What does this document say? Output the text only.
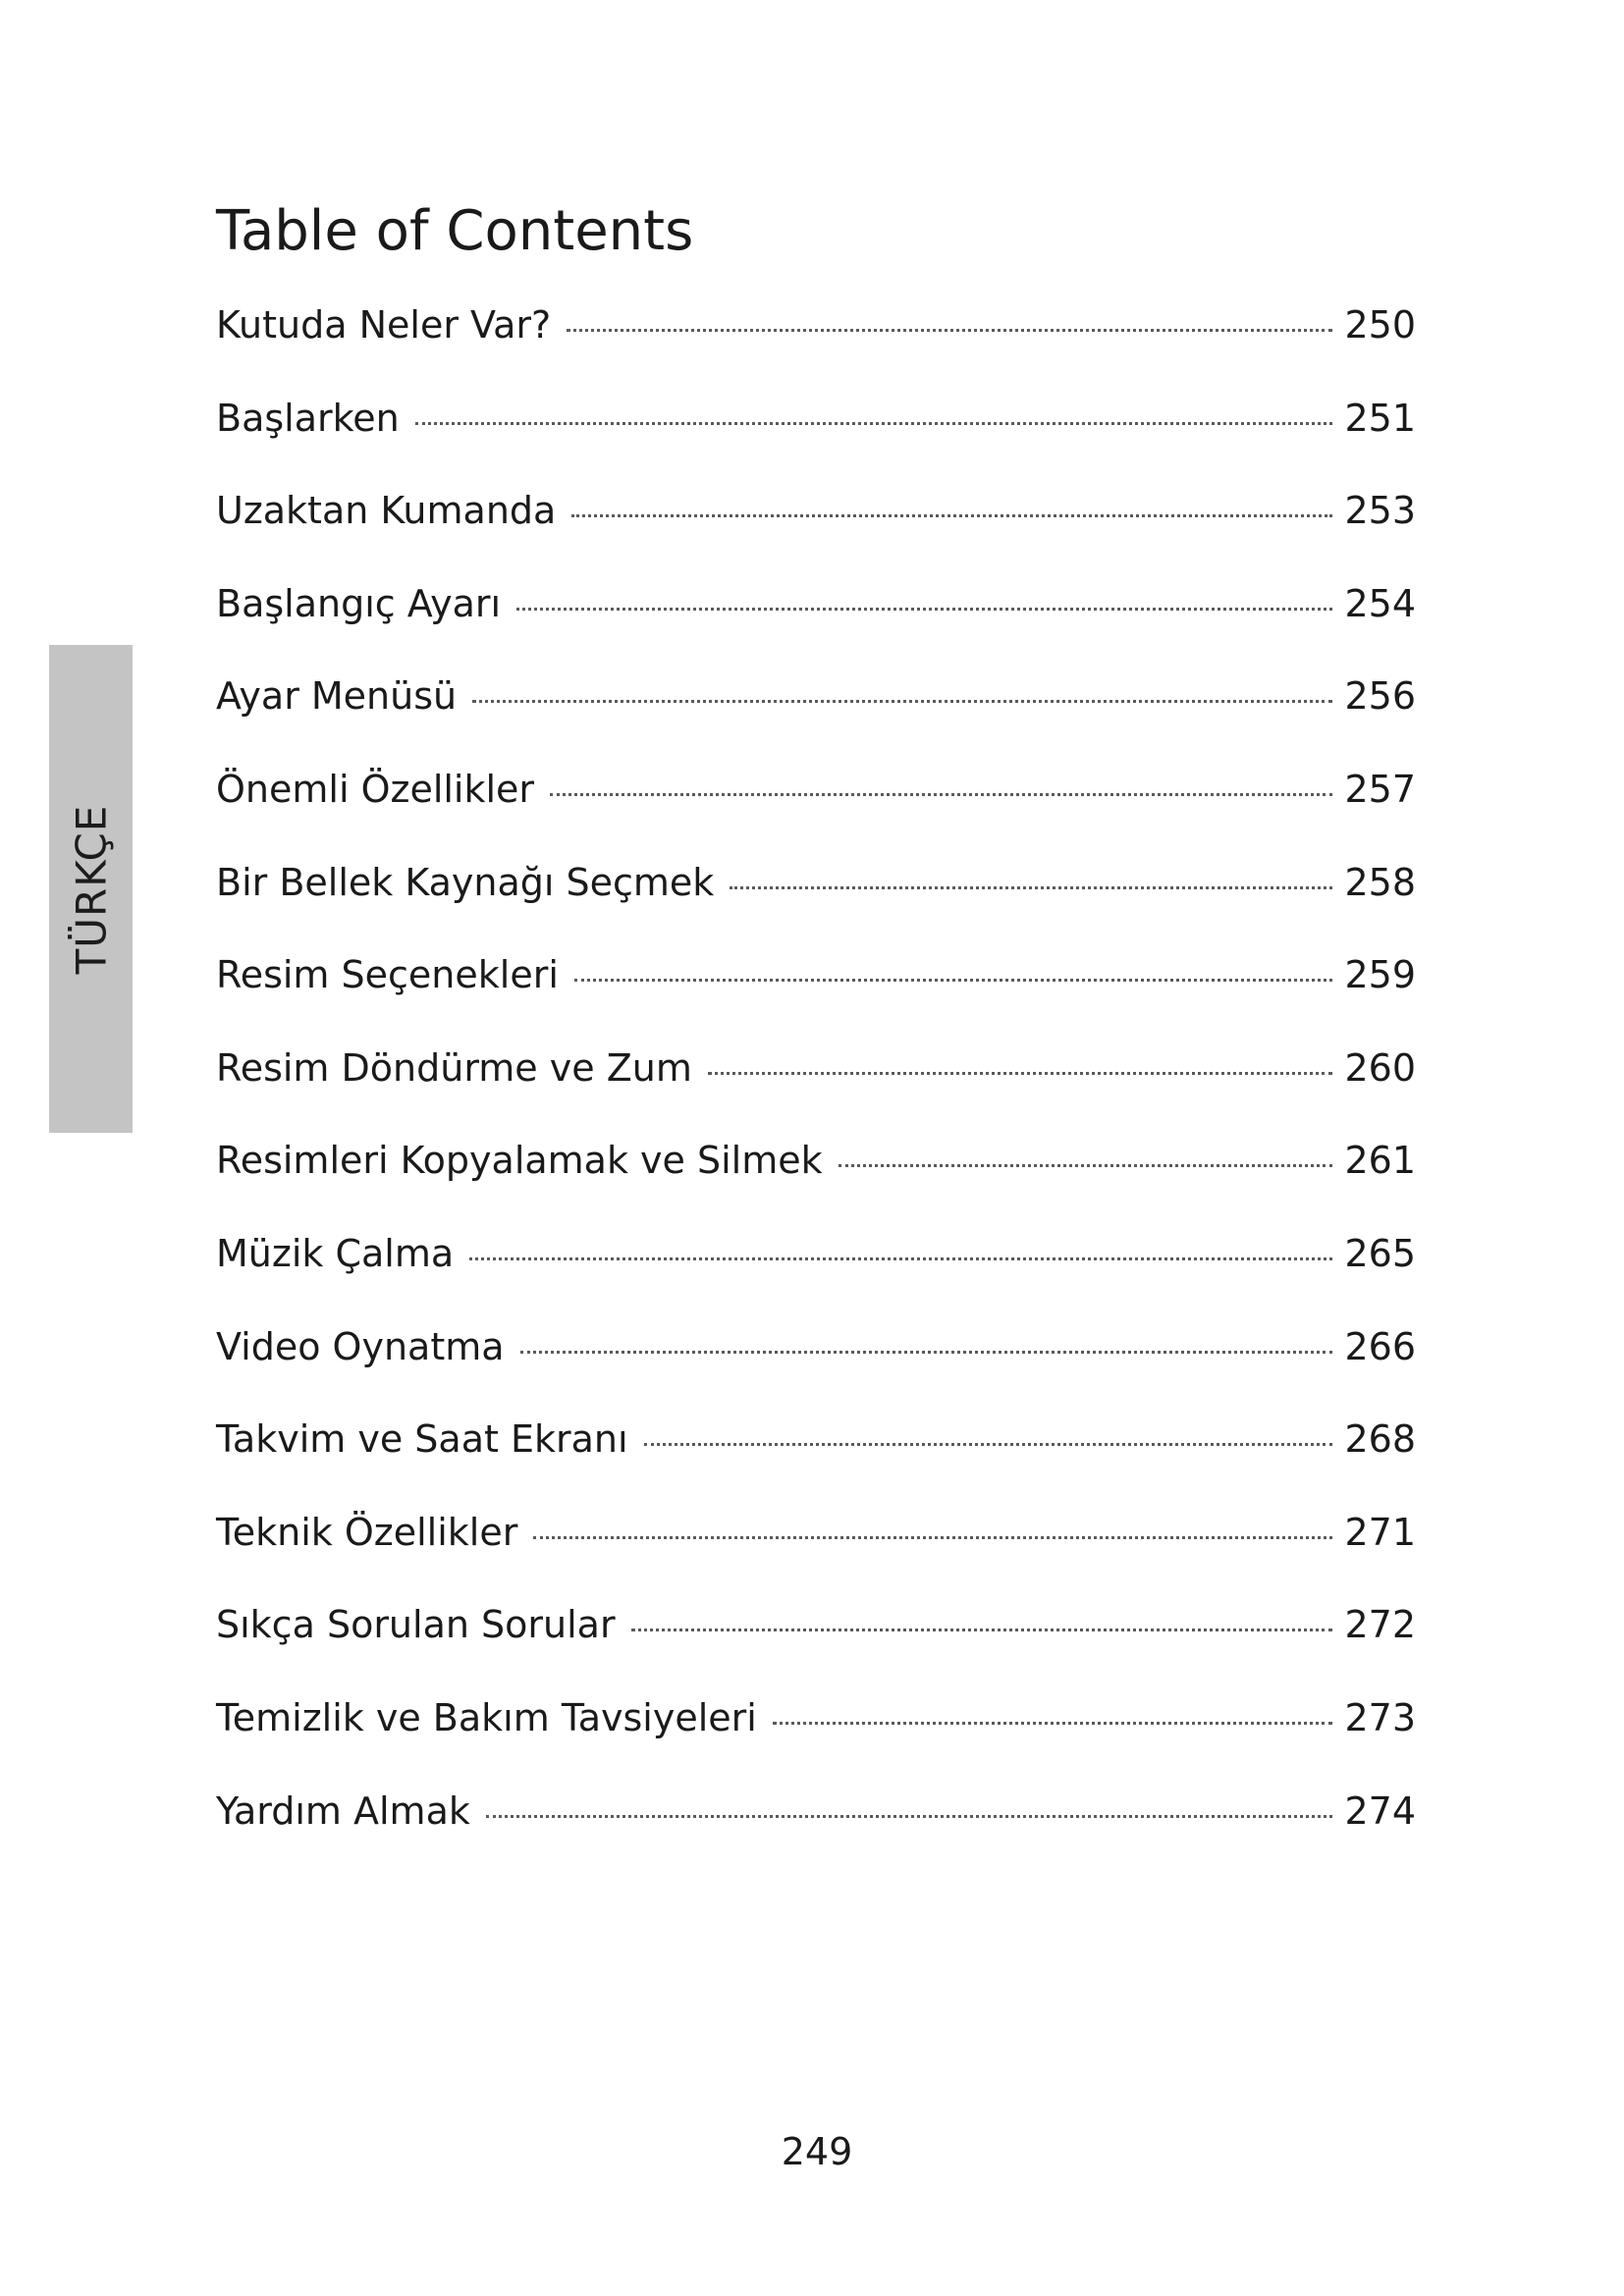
TÜRKÇE
Table of Contents
Kutuda Neler Var?	250
Başlarken	251
Uzaktan Kumanda	253
Başlangıç Ayarı	254
Ayar Menüsü	256
Önemli Özellikler	257
Bir Bellek Kaynağı Seçmek	258
Resim Seçenekleri	259
Resim Döndürme ve Zum	260
Resimleri Kopyalamak ve Silmek	261
Müzik Çalma	265
Video Oynatma	266
Takvim ve Saat Ekranı	268
Teknik Özellikler	271
Sıkça Sorulan Sorular	272
Temizlik ve Bakım Tavsiyeleri	273
Yardım Almak	274
249
